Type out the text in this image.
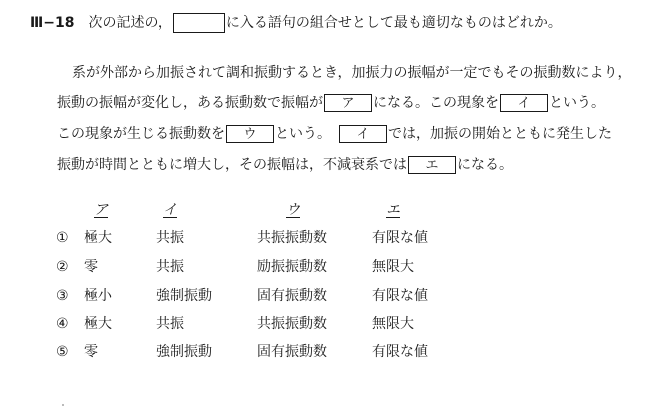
Ⅲ−18 次の記述の，	に入る語句の組合せとして最も適切なものはどれか。
系が外部から加振されて調和振動するとき，加振力の振幅が一定でもその振動数により，
振動の振幅が変化し，ある振動数で振幅が	ア	になる。この現象を	イ	という。
この現象が生じる振動数を	ウ	という。	イ	では，加振の開始とともに発生した
振動が時間とともに増大し，その振幅は，不減衰系では	エ	になる。
ア	イ	ウ	エ
① 極大	共振	共振振動数	有限な値
② 零	共振	励振振動数	無限大
③ 極小	強制振動	固有振動数	有限な値
④ 極大	共振	共振振動数	無限大
⑤ 零	強制振動	固有振動数	有限な値
